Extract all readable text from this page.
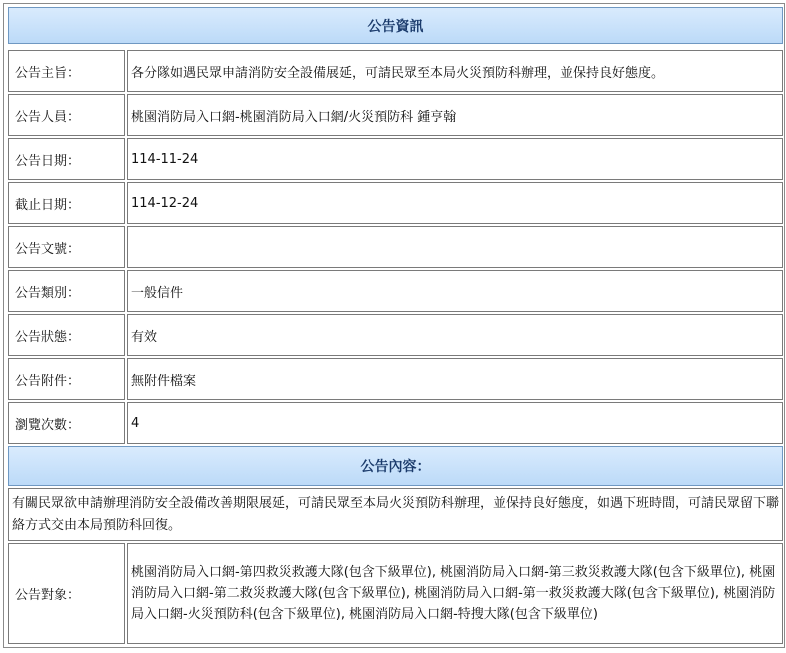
公告資訊
公告主旨：	各分隊如遇民眾申請消防安全設備展延，可請民眾至本局火災預防科辦理，並保持良好態度。
公告人員：	桃園消防局入口網-桃園消防局入口網/火災預防科 鍾亨翰
公告日期：	114-11-24
截止日期：	114-12-24
公告文號：
公告類別：	一般信件
公告狀態：	有效
公告附件：	無附件檔案
瀏覽次數：	4
公告內容：
有關民眾欲申請辦理消防安全設備改善期限展延，可請民眾至本局火災預防科辦理，並保持良好態度，如遇下班時間，可請民眾留下聯絡方式交由本局預防科回復。
公告對象：
桃園消防局入口網-第四救災救護大隊(包含下級單位), 桃園消防局入口網-第三救災救護大隊(包含下級單位), 桃園消防局入口網-第二救災救護大隊(包含下級單位), 桃園消防局入口網-第一救災救護大隊(包含下級單位), 桃園消防局入口網-火災預防科(包含下級單位), 桃園消防局入口網-特搜大隊(包含下級單位)
